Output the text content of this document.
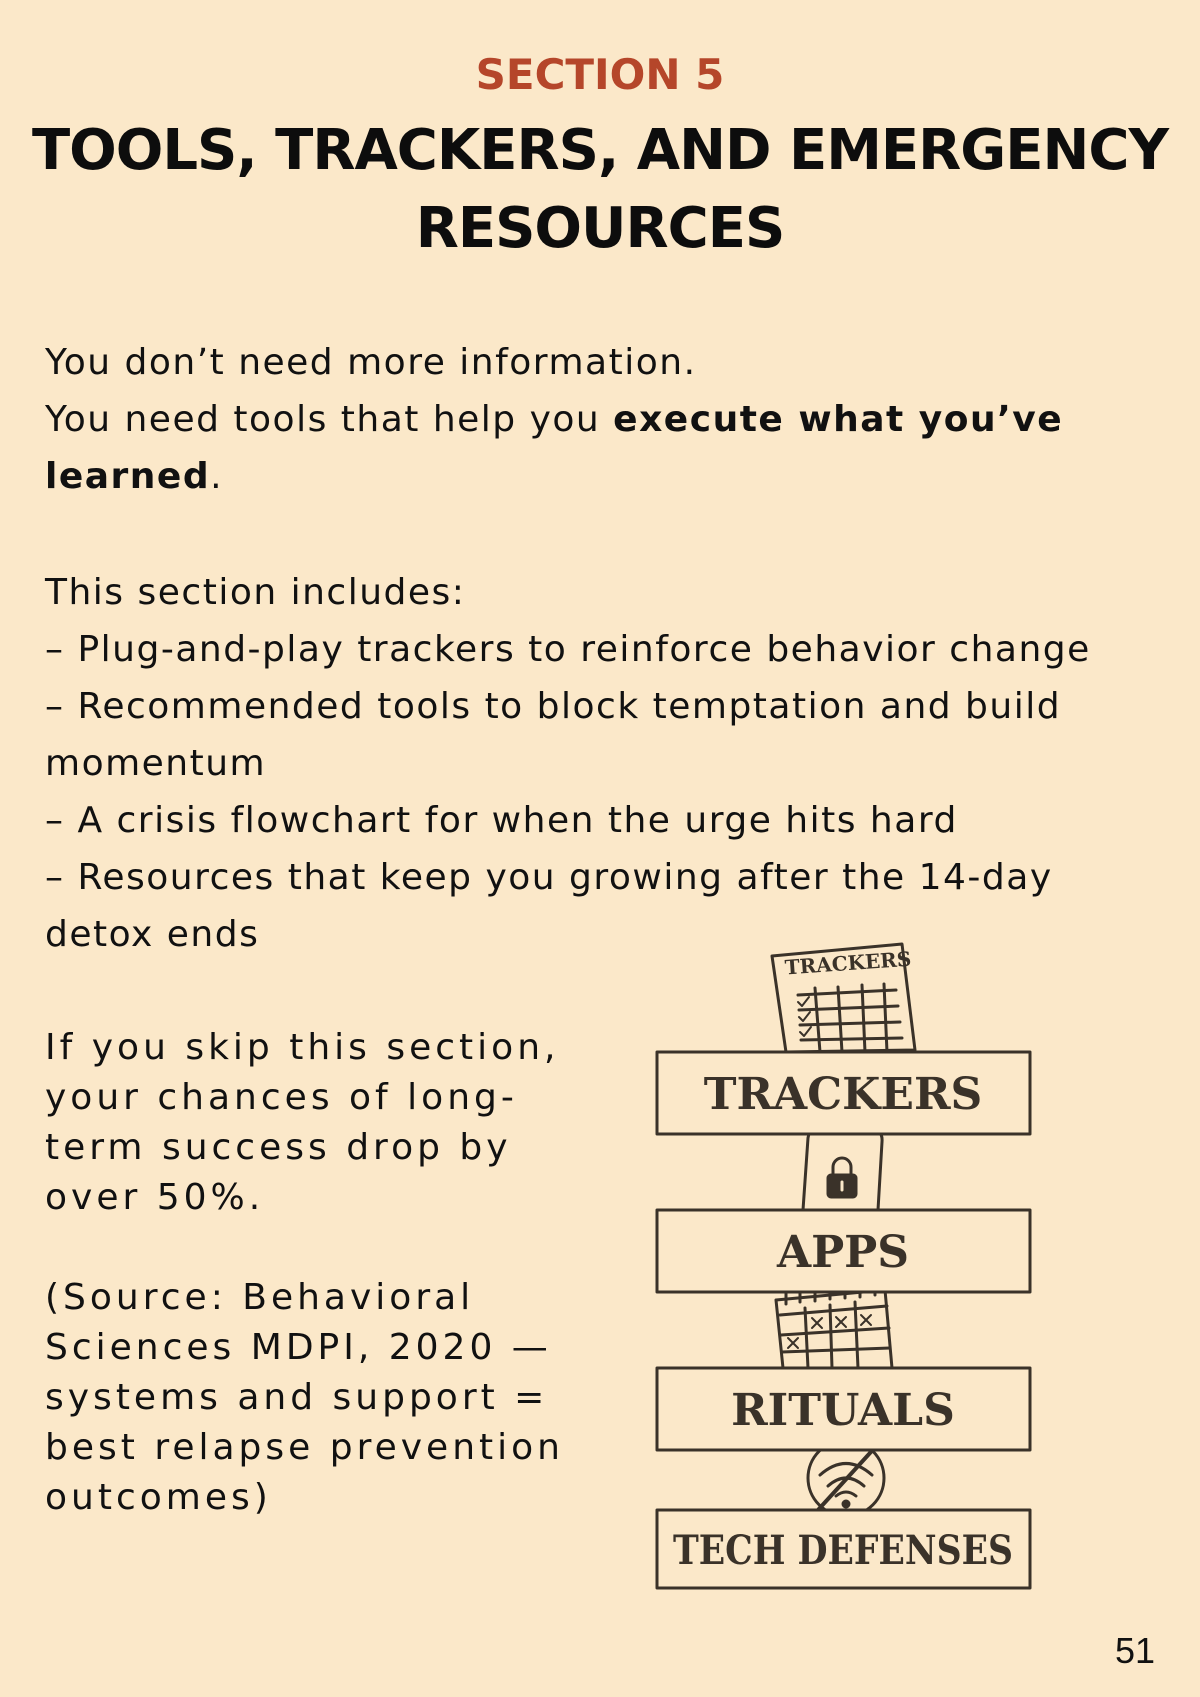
SECTION 5
TOOLS, TRACKERS, AND EMERGENCY
RESOURCES

You don’t need more information.
You need tools that help you execute what you’ve learned.

This section includes:

– Plug-and-play trackers to reinforce behavior change

– Recommended tools to block temptation and build momentum

– A crisis flowchart for when the urge hits hard

– Resources that keep you growing after the 14-day detox ends

If you skip this section, your chances of long-term success drop by over 50%.

(Source: Behavioral Sciences MDPI, 2020 — systems and support = best relapse prevention outcomes)

TRACKERS
TRACKERS
APPS
RITUALS
TECH DEFENSES
51
